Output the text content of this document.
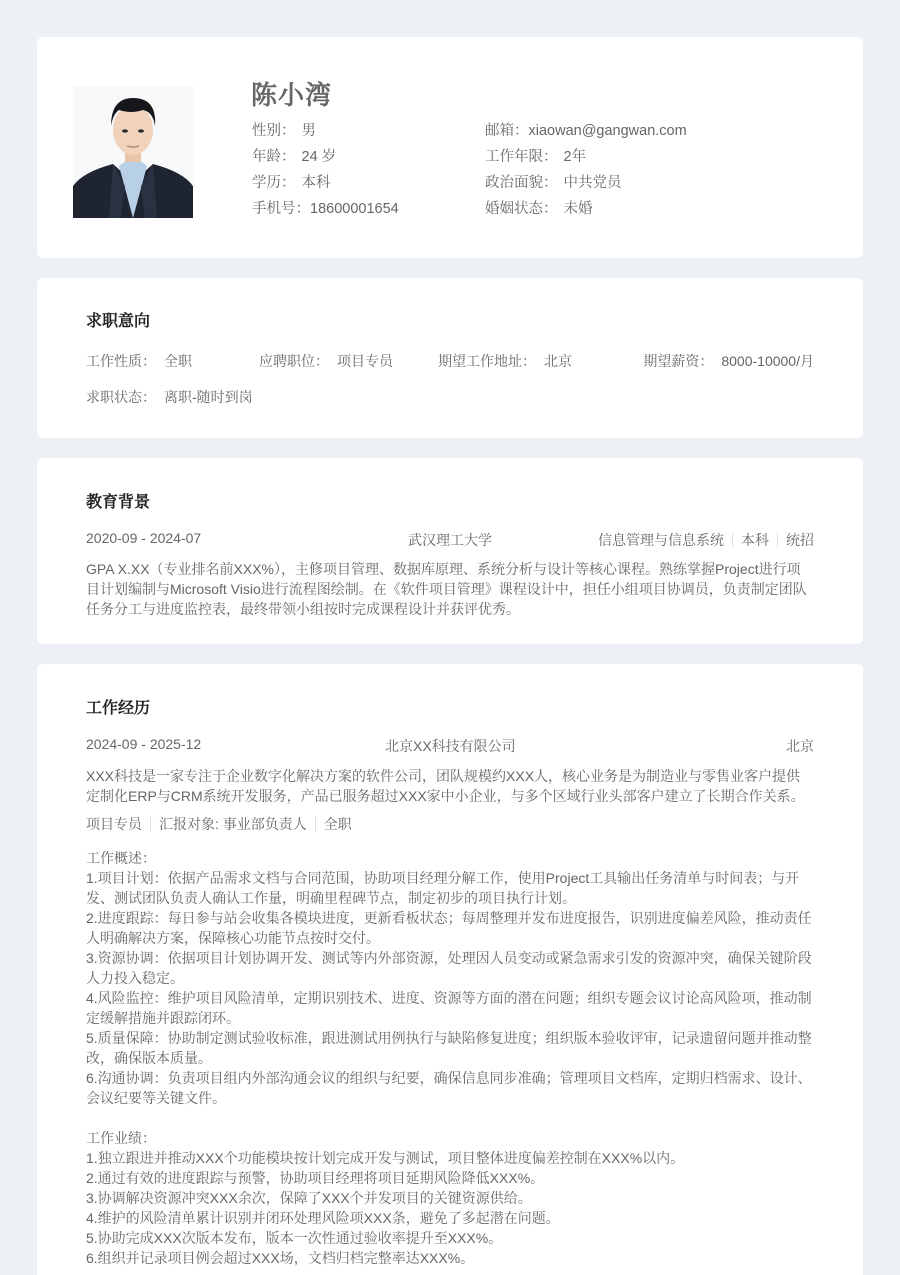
陈小湾
性别： 男
年龄： 24 岁
学历： 本科
手机号：18600001654
邮箱：xiaowan@gangwan.com
工作年限： 2年
政治面貌： 中共党员
婚姻状态： 未婚
求职意向
工作性质： 全职	应聘职位： 项目专员	期望工作地址： 北京	期望薪资： 8000-10000/月
求职状态： 离职-随时到岗
教育背景
2020-09 - 2024-07	武汉理工大学	信息管理与信息系统 本科 统招
GPA X.XX（专业排名前XXX%），主修项目管理、数据库原理、系统分析与设计等核心课程。熟练掌握Project进行项目计划编制与Microsoft Visio进行流程图绘制。在《软件项目管理》课程设计中，担任小组项目协调员，负责制定团队任务分工与进度监控表，最终带领小组按时完成课程设计并获评优秀。
工作经历
2024-09 - 2025-12	北京XX科技有限公司	北京
XXX科技是一家专注于企业数字化解决方案的软件公司，团队规模约XXX人，核心业务是为制造业与零售业客户提供定制化ERP与CRM系统开发服务，产品已服务超过XXX家中小企业，与多个区域行业头部客户建立了长期合作关系。
项目专员 汇报对象: 事业部负责人 全职

工作概述：

1.项目计划：依据产品需求文档与合同范围，协助项目经理分解工作，使用Project工具输出任务清单与时间表；与开发、测试团队负责人确认工作量，明确里程碑节点，制定初步的项目执行计划。

2.进度跟踪：每日参与站会收集各模块进度，更新看板状态；每周整理并发布进度报告，识别进度偏差风险，推动责任人明确解决方案，保障核心功能节点按时交付。

3.资源协调：依据项目计划协调开发、测试等内外部资源，处理因人员变动或紧急需求引发的资源冲突，确保关键阶段人力投入稳定。

4.风险监控：维护项目风险清单，定期识别技术、进度、资源等方面的潜在问题；组织专题会议讨论高风险项，推动制定缓解措施并跟踪闭环。

5.质量保障：协助制定测试验收标准，跟进测试用例执行与缺陷修复进度；组织版本验收评审，记录遗留问题并推动整改，确保版本质量。

6.沟通协调：负责项目组内外部沟通会议的组织与纪要，确保信息同步准确；管理项目文档库，定期归档需求、设计、会议纪要等关键文件。

工作业绩：

1.独立跟进并推动XXX个功能模块按计划完成开发与测试，项目整体进度偏差控制在XXX%以内。

2.通过有效的进度跟踪与预警，协助项目经理将项目延期风险降低XXX%。

3.协调解决资源冲突XXX余次，保障了XXX个并发项目的关键资源供给。

4.维护的风险清单累计识别并闭环处理风险项XXX条，避免了多起潜在问题。

5.协助完成XXX次版本发布，版本一次性通过验收率提升至XXX%。

6.组织并记录项目例会超过XXX场，文档归档完整率达XXX%。
